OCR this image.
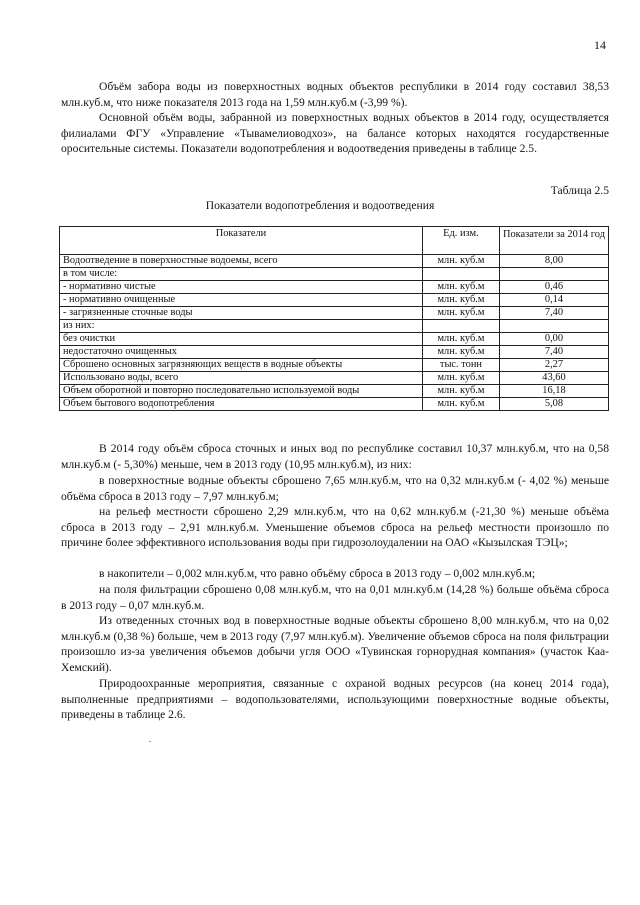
14

Объём забора воды из поверхностных водных объектов республики в 2014 году составил 38,53 млн.куб.м, что ниже показателя 2013 года на 1,59 млн.куб.м (-3,99 %).

Основной объём воды, забранной из поверхностных водных объектов в 2014 году, осуществляется филиалами ФГУ «Управление «Тывамелиоводхоз», на балансе которых находятся государственные оросительные системы. Показатели водопотребления и водоотведения приведены в таблице 2.5.

Таблица 2.5
Показатели водопотребления и водоотведения
Показатели	Ед. изм.	Показатели за 2014 год
Водоотведение в поверхностные водоемы, всего	млн. куб.м	8,00
в том числе:		
- нормативно чистые	млн. куб.м	0,46
- нормативно очищенные	млн. куб.м	0,14
- загрязненные сточные воды	млн. куб.м	7,40
из них:		
без очистки	млн. куб.м	0,00
недостаточно очищенных	млн. куб.м	7,40
Сброшено основных загрязняющих веществ в водные объекты	тыс. тонн	2,27
Использовано воды, всего	млн. куб.м	43,60
Объем оборотной и повторно последовательно используемой воды	млн. куб.м	16,18
Объем бытового водопотребления	млн. куб.м	5,08

В 2014 году объём сброса сточных и иных вод по республике составил 10,37 млн.куб.м, что на 0,58 млн.куб.м (- 5,30%) меньше, чем в 2013 году (10,95 млн.куб.м), из них:

в поверхностные водные объекты сброшено 7,65 млн.куб.м, что на 0,32 млн.куб.м (- 4,02 %) меньше объёма сброса в 2013 году – 7,97 млн.куб.м;

на рельеф местности сброшено 2,29 млн.куб.м, что на 0,62 млн.куб.м (-21,30 %) меньше объёма сброса в 2013 году – 2,91 млн.куб.м. Уменьшение объемов сброса на рельеф местности произошло по причине более эффективного использования воды при гидрозолоудалении на ОАО «Кызылская ТЭЦ»;

в накопители – 0,002 млн.куб.м, что равно объёму сброса в 2013 году – 0,002 млн.куб.м;

на поля фильтрации сброшено 0,08 млн.куб.м, что на 0,01 млн.куб.м (14,28 %) больше объёма сброса в 2013 году – 0,07 млн.куб.м.

Из отведенных сточных вод в поверхностные водные объекты сброшено 8,00 млн.куб.м, что на 0,02 млн.куб.м (0,38 %) больше, чем в 2013 году (7,97 млн.куб.м). Увеличение объемов сброса на поля фильтрации произошло из-за увеличения объемов добычи угля ООО «Тувинская горнорудная компания» (участок Каа-Хемский).

Природоохранные мероприятия, связанные с охраной водных ресурсов (на конец 2014 года), выполненные предприятиями – водопользователями, использующими поверхностные водные объекты, приведены в таблице 2.6.
